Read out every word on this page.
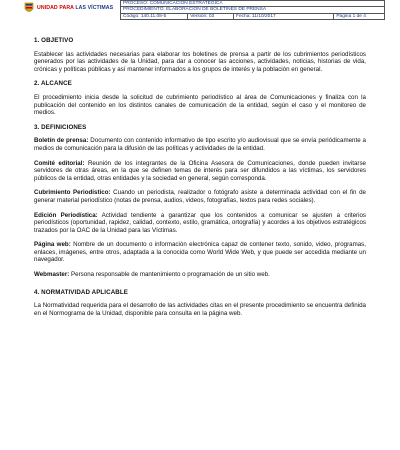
UNIDAD PARA LAS VÍCTIMAS
PROCESO: COMUNICACIÓN ESTRATÉGICA
PROCEDIMIENTO: ELABORACIÓN DE BOLETINES DE PRENSA
Código: 140.11.08-5	Versión: 03	Fecha: 11/10/2017	Página 1 de 4
1. OBJETIVO
Establecer las actividades necesarias para elaborar los boletines de prensa a partir de los cubrimientos periodísticos generados por las actividades de la Unidad, para dar a conocer las acciones, actividades, noticias, historias de vida, crónicas y políticas públicas y así mantener informados a los grupos de interés y la población en general.
2. ALCANCE
El procedimiento inicia desde la solicitud de cubrimiento periodístico al área de Comunicaciones y finaliza con la publicación del contenido en los distintos canales de comunicación de la entidad, según el caso y el monitoreo de medios.
3. DEFINICIONES
Boletín de prensa: Documento con contenido informativo de tipo escrito y/o audiovisual que se envía periódicamente a medios de comunicación para la difusión de las políticas y actividades de la entidad.
Comité editorial: Reunión de los integrantes de la Oficina Asesora de Comunicaciones, donde pueden invitarse servidores de otras áreas, en la que se definen temas de interés para ser difundidos a las víctimas, los servidores públicos de la entidad, otras entidades y la sociedad en general, según corresponda.
Cubrimiento Periodístico: Cuando un periodista, realizador o fotógrafo asiste a determinada actividad con el fin de generar material periodístico (notas de prensa, audios, videos, fotografías, textos para redes sociales).
Edición Periodística: Actividad tendiente a garantizar que los contenidos a comunicar se ajusten a criterios periodísticos (oportunidad, rapidez, calidad, contexto, estilo, gramática, ortografía) y acordes a los objetivos estratégicos trazados por la OAC de la Unidad para las Víctimas.
Página web: Nombre de un documento o información electrónica capaz de contener texto, sonido, video, programas, enlaces, imágenes, entre otros, adaptada a la conocida como World Wide Web, y que puede ser accedida mediante un navegador.
Webmaster: Persona responsable de mantenimiento o programación de un sitio web.
4. NORMATIVIDAD APLICABLE
La Normatividad requerida para el desarrollo de las actividades citas en el presente procedimiento se encuentra definida en el Normograma de la Unidad, disponible para consulta en la página web.
